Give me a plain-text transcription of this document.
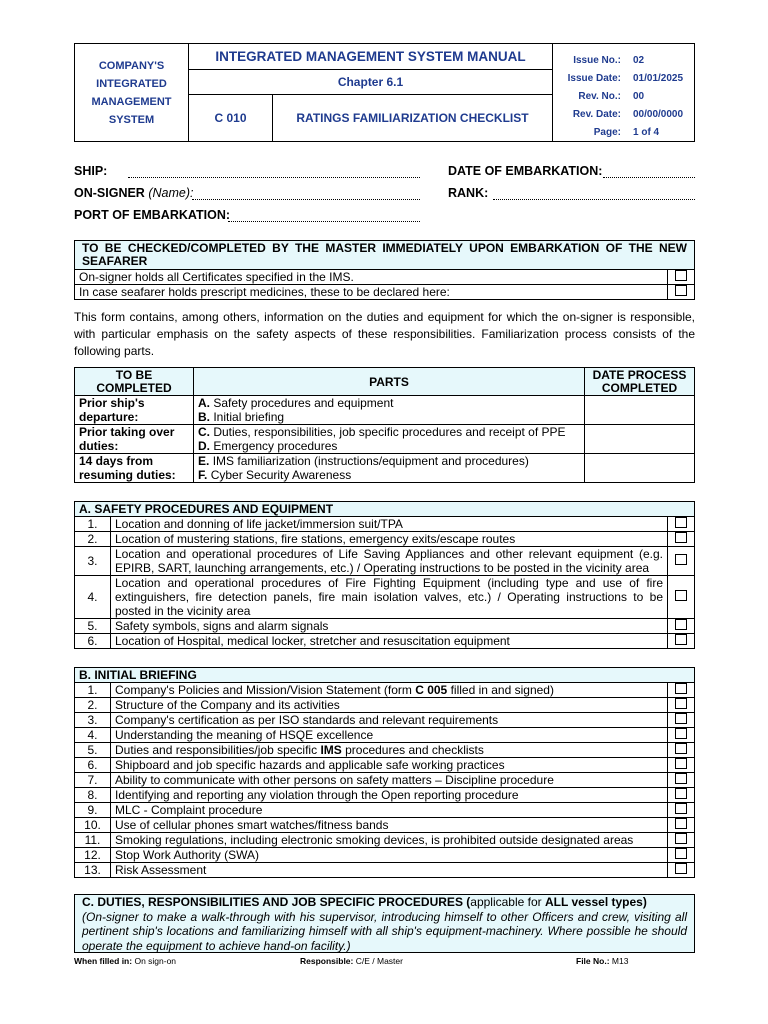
COMPANY'S
INTEGRATED
MANAGEMENT
SYSTEM
INTEGRATED MANAGEMENT SYSTEM MANUAL
Chapter 6.1
C 010	RATINGS FAMILIARIZATION CHECKLIST
Issue No.: 02
Issue Date: 01/01/2025
Rev. No.: 00
Rev. Date: 00/00/0000
Page: 1 of 4
SHIP:
ON-SIGNER (Name):
PORT OF EMBARKATION:
DATE OF EMBARKATION:
RANK:
TO BE CHECKED/COMPLETED BY THE MASTER IMMEDIATELY UPON EMBARKATION OF THE NEW SEAFARER	
On-signer holds all Certificates specified in the IMS.	
In case seafarer holds prescript medicines, these to be declared here:	
This form contains, among others, information on the duties and equipment for which the on-signer is responsible, with particular emphasis on the safety aspects of these responsibilities. Familiarization process consists of the following parts.
TO BE COMPLETED	PARTS	DATE PROCESS COMPLETED
Prior ship's departure:	A. Safety procedures and equipment
B. Initial briefing	

Prior taking over duties:	C. Duties, responsibilities, job specific procedures and receipt of PPE
D. Emergency procedures	

14 days from resuming duties:	E. IMS familiarization (instructions/equipment and procedures)
F. Cyber Security Awareness	

A. SAFETY PROCEDURES AND EQUIPMENT		
1.	Location and donning of life jacket/immersion suit/TPA	
2.	Location of mustering stations, fire stations, emergency exits/escape routes	
3.	Location and operational procedures of Life Saving Appliances and other relevant equipment (e.g. EPIRB, SART, launching arrangements, etc.) / Operating instructions to be posted in the vicinity area	
4.	Location and operational procedures of Fire Fighting Equipment (including type and use of fire extinguishers, fire detection panels, fire main isolation valves, etc.) / Operating instructions to be posted in the vicinity area	
5.	Safety symbols, signs and alarm signals	
6.	Location of Hospital, medical locker, stretcher and resuscitation equipment	
B. INITIAL BRIEFING		
1.	Company's Policies and Mission/Vision Statement (form C 005 filled in and signed)	
2.	Structure of the Company and its activities	
3.	Company's certification as per ISO standards and relevant requirements	
4.	Understanding the meaning of HSQE excellence	
5.	Duties and responsibilities/job specific IMS procedures and checklists	
6.	Shipboard and job specific hazards and applicable safe working practices	
7.	Ability to communicate with other persons on safety matters – Discipline procedure	
8.	Identifying and reporting any violation through the Open reporting procedure	
9.	MLC - Complaint procedure	
10.	Use of cellular phones smart watches/fitness bands	
11.	Smoking regulations, including electronic smoking devices, is prohibited outside designated areas	
12.	Stop Work Authority (SWA)	
13.	Risk Assessment	
C. DUTIES, RESPONSIBILITIES AND JOB SPECIFIC PROCEDURES (applicable for ALL vessel types)
(On-signer to make a walk-through with his supervisor, introducing himself to other Officers and crew, visiting all pertinent ship's locations and familiarizing himself with all ship's equipment-machinery. Where possible he should operate the equipment to achieve hand-on facility.)
When filled in: On sign-on	Responsible: C/E / Master	File No.: M13
